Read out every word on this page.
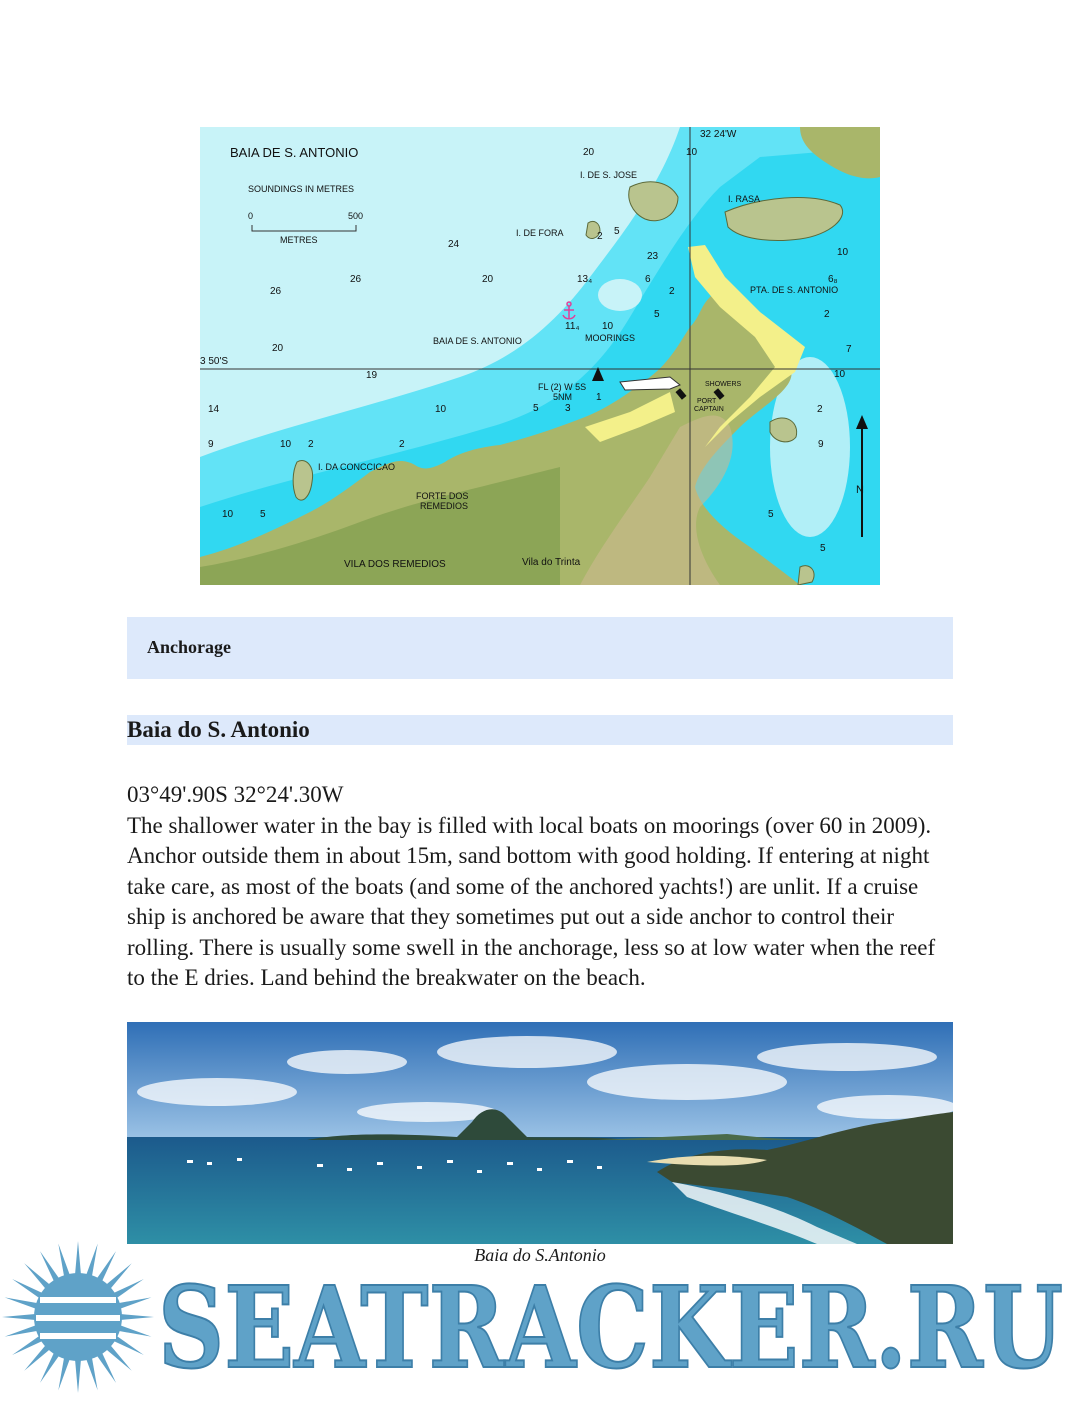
BAIA DE S. ANTONIO
SOUNDINGS IN METRES
0	500
METRES
32 24'W
3 50'S
N
I. DE S. JOSE
I. RASA
I. DE FORA
PTA. DE S. ANTONIO
BAIA DE S. ANTONIO	MOORINGS
FL (2) W 5S
5NM
SHOWERS
PORT
CAPTAIN
I. DA CONCCICAO
FORTE DOS
REMEDIOS
VILA DOS REMEDIOS	Vila do Trinta
20	10
24
20
26
26
20
19
14
9	10 2
10	5
3
1
5
10
13₄
11₄
6
2
23
5
10
6₈
2
7
10
2
9
5
2
2
5
10
5
Anchorage
Baia do S. Antonio
03°49'.90S 32°24'.30W

The shallower water in the bay is filled with local boats on moorings (over 60 in 2009). Anchor outside them in about 15m, sand bottom with good holding. If entering at night take care, as most of the boats (and some of the anchored yachts!) are unlit. If a cruise ship is anchored be aware that they sometimes put out a side anchor to control their rolling. There is usually some swell in the anchorage, less so at low water when the reef to the E dries. Land behind the breakwater on the beach.

Baia do S.Antonio
SEATRACKER.RU
